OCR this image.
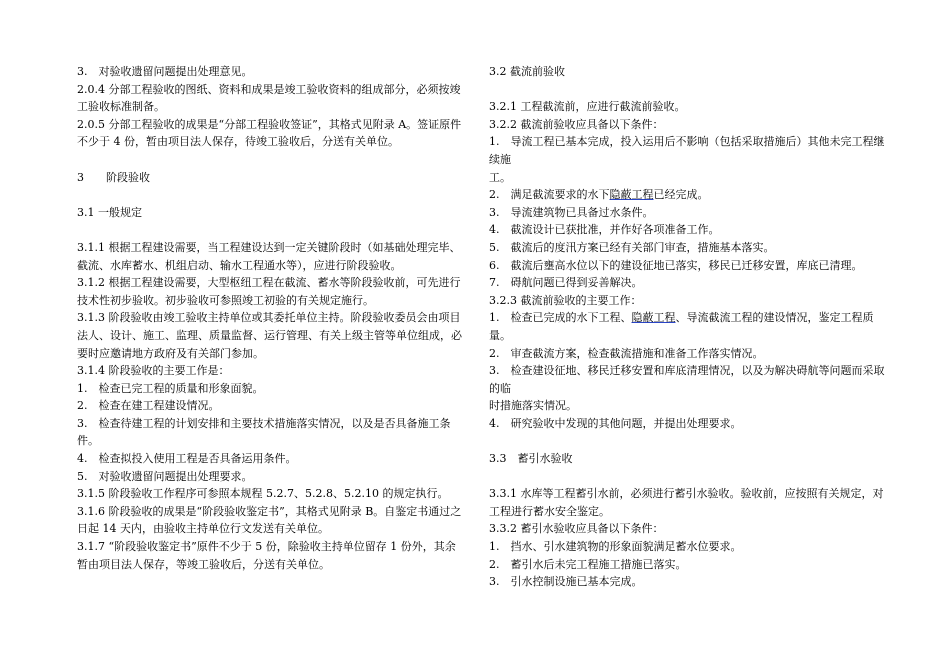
3.　对验收遗留问题提出处理意见。

2.0.4 分部工程验收的图纸、资料和成果是竣工验收资料的组成部分，必须按竣工验收标准制备。

2.0.5 分部工程验收的成果是“分部工程验收签证”，其格式见附录 A。签证原件不少于 4 份，暂由项目法人保存，待竣工验收后，分送有关单位。

3　　阶段验收

3.1 一般规定

3.1.1 根据工程建设需要，当工程建设达到一定关键阶段时（如基础处理完毕、截流、水库蓄水、机组启动、输水工程通水等），应进行阶段验收。

3.1.2 根据工程建设需要，大型枢纽工程在截流、蓄水等阶段验收前，可先进行技术性初步验收。初步验收可参照竣工初验的有关规定施行。

3.1.3 阶段验收由竣工验收主持单位或其委托单位主持。阶段验收委员会由项目法人、设计、施工、监理、质量监督、运行管理、有关上级主管等单位组成，必要时应邀请地方政府及有关部门参加。

3.1.4 阶段验收的主要工作是：

1.　检查已完工程的质量和形象面貌。

2.　检查在建工程建设情况。

3.　检查待建工程的计划安排和主要技术措施落实情况，以及是否具备施工条件。

4.　检查拟投入使用工程是否具备运用条件。

5.　对验收遗留问题提出处理要求。

3.1.5 阶段验收工作程序可参照本规程 5.2.7、5.2.8、5.2.10 的规定执行。

3.1.6 阶段验收的成果是“阶段验收鉴定书”，其格式见附录 B。自鉴定书通过之日起 14 天内，由验收主持单位行文发送有关单位。

3.1.7 “阶段验收鉴定书”原件不少于 5 份，除验收主持单位留存 1 份外，其余暂由项目法人保存，等竣工验收后，分送有关单位。

3.2 截流前验收

3.2.1 工程截流前，应进行截流前验收。

3.2.2 截流前验收应具备以下条件：

1.　导流工程已基本完成，投入运用后不影响（包括采取措施后）其他未完工程继续施

工。

2.　满足截流要求的水下隐蔽工程已经完成。

3.　导流建筑物已具备过水条件。

4.　截流设计已获批准，并作好各项准备工作。

5.　截流后的度汛方案已经有关部门审查，措施基本落实。

6.　截流后壅高水位以下的建设征地已落实，移民已迁移安置，库底已清理。

7.　碍航问题已得到妥善解决。

3.2.3 截流前验收的主要工作：

1.　检查已完成的水下工程、隐蔽工程、导流截流工程的建设情况，鉴定工程质量。

2.　审查截流方案，检查截流措施和准备工作落实情况。

3.　检查建设征地、移民迁移安置和库底清理情况，以及为解决碍航等问题而采取的临

时措施落实情况。

4.　研究验收中发现的其他问题，并提出处理要求。

3.3　蓄引水验收

3.3.1 水库等工程蓄引水前，必须进行蓄引水验收。验收前，应按照有关规定，对工程进行蓄水安全鉴定。

3.3.2 蓄引水验收应具备以下条件：

1.　挡水、引水建筑物的形象面貌满足蓄水位要求。

2.　蓄引水后未完工程施工措施已落实。

3.　引水控制设施已基本完成。
